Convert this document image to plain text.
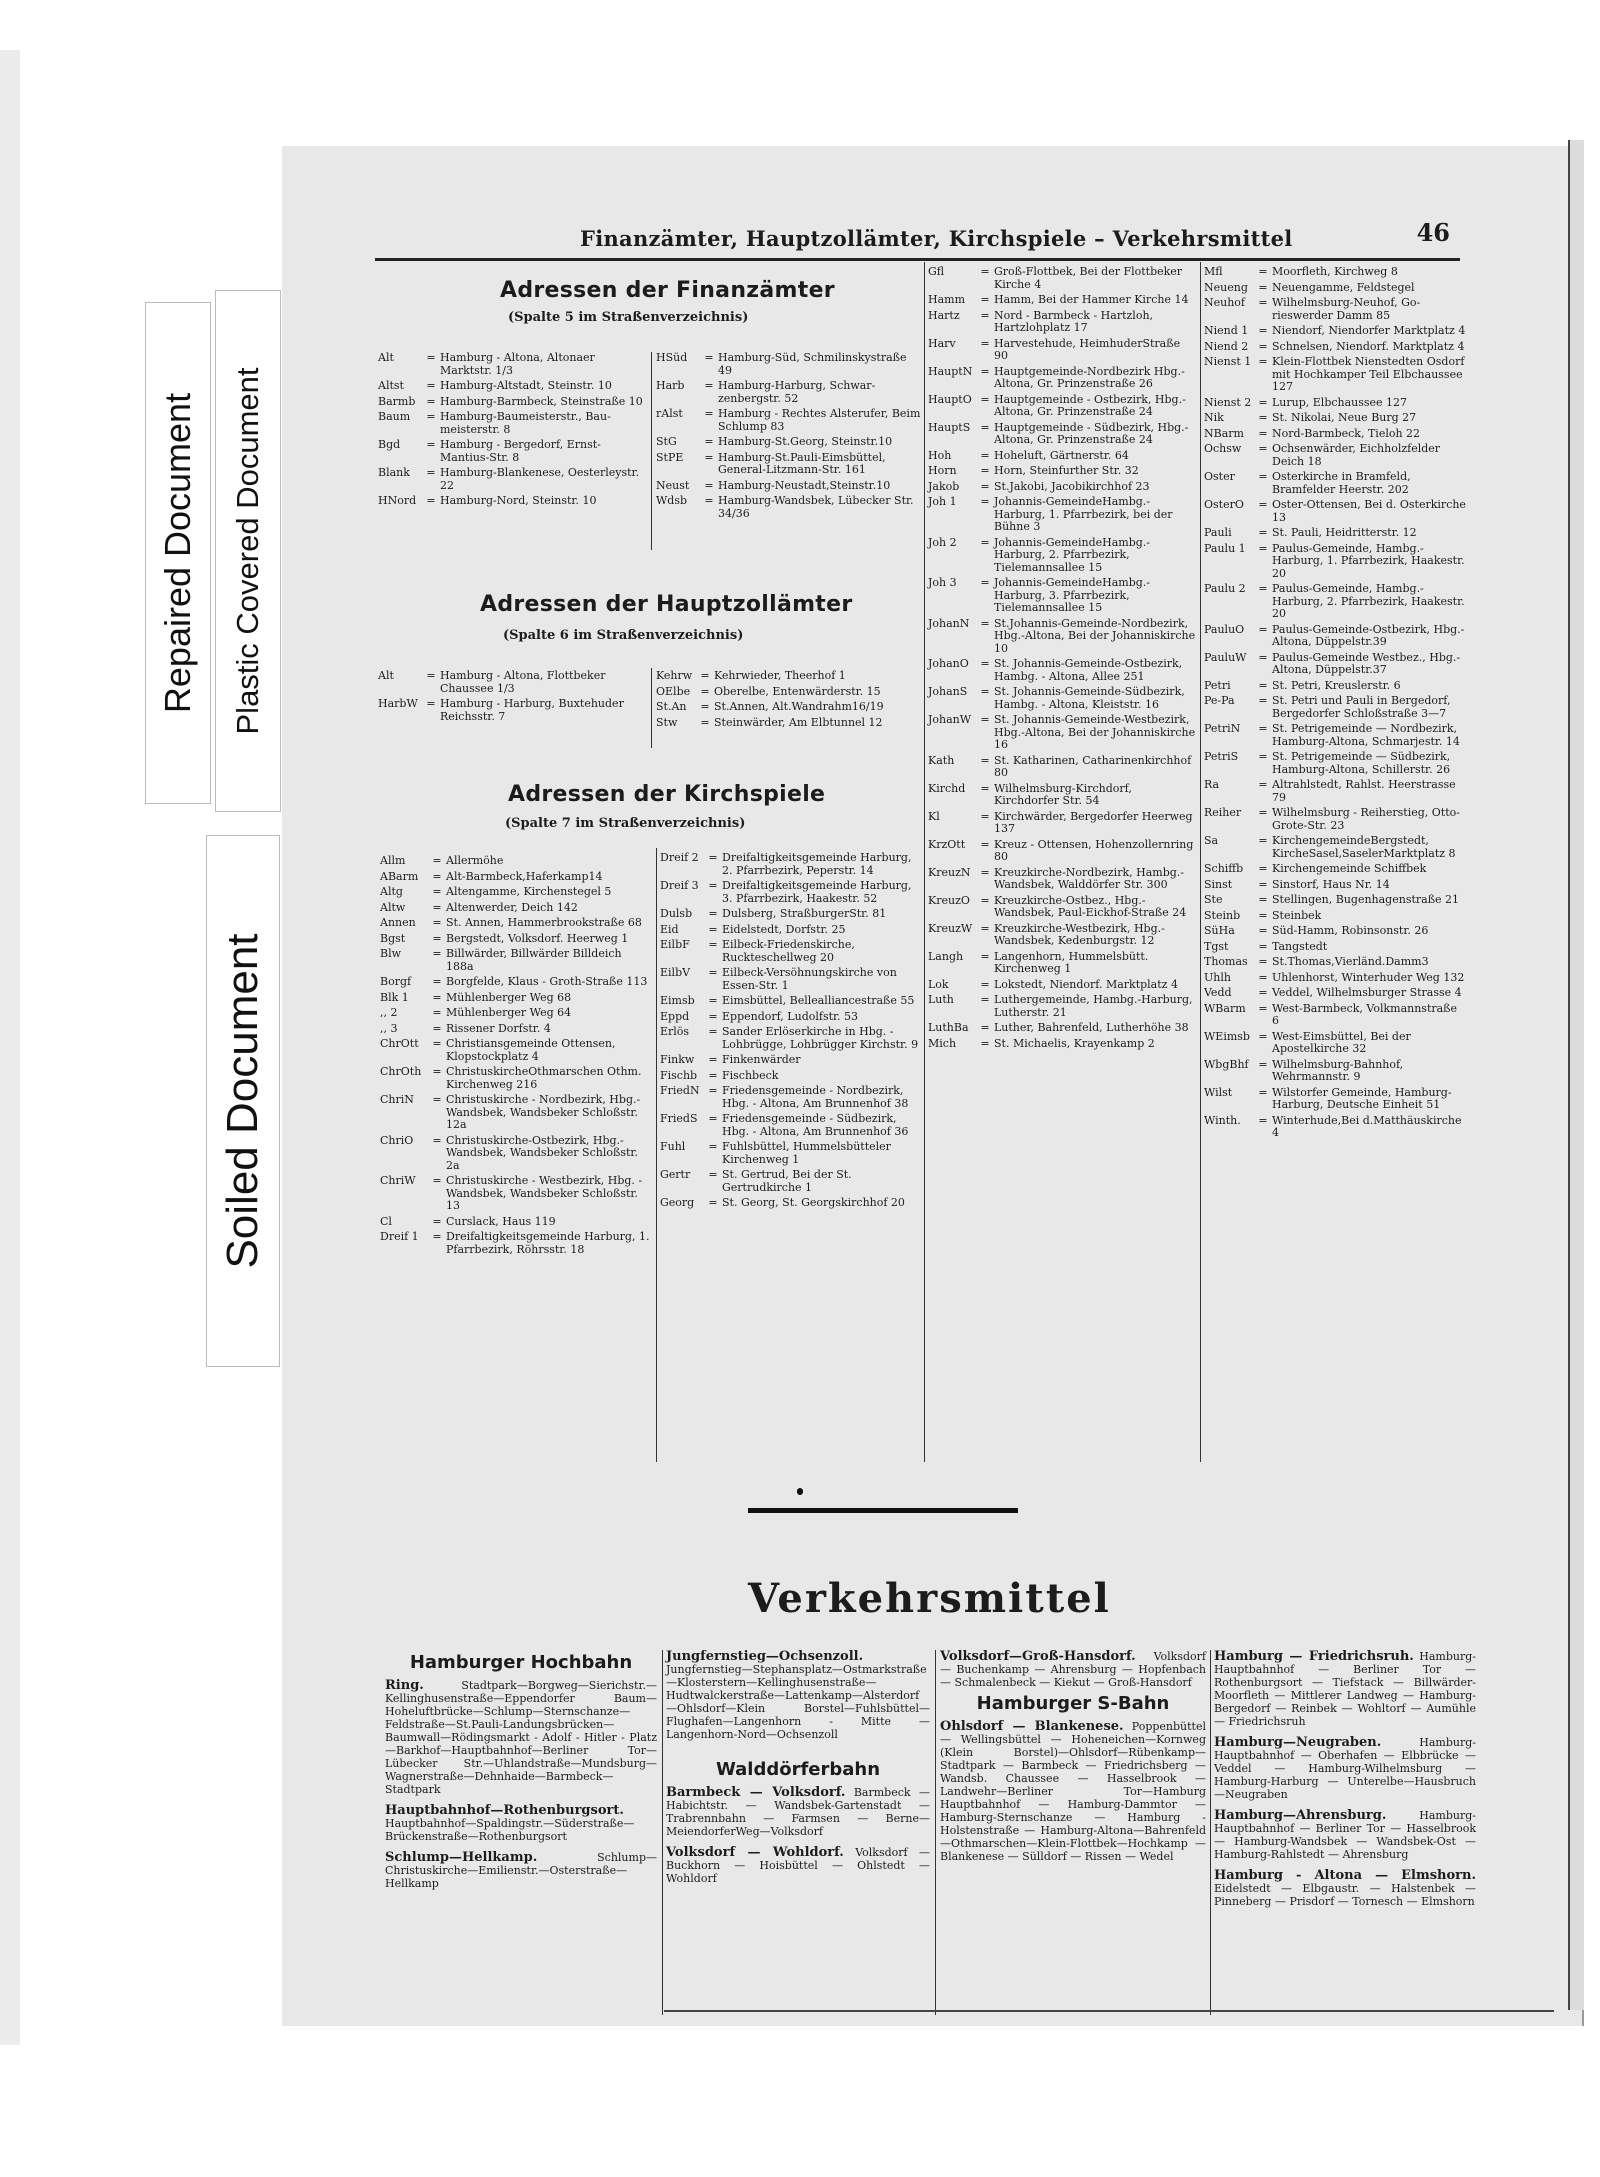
Repaired Document Plastic Covered Document
Soiled Document
Finanzämter, Hauptzollämter, Kirchspiele – Verkehrsmittel	46
Adressen der Finanzämter
(Spalte 5 im Straßenverzeichnis)
Alt	= Hamburg - Altona, Altonaer Marktstr. 1/3
Altst	= Hamburg-Altstadt, Steinstr. 10
Barmb	= Hamburg-Barmbeck, Steinstraße 10
Baum	= Hamburg-Baumeisterstr., Baumeisterstr. 8
Bgd	= Hamburg - Bergedorf, Ernst-Mantius-Str. 8
Blank	= Hamburg-Blankenese, Oesterleystr. 22
HNord = Hamburg-Nord, Steinstr. 10
HSüd	= Hamburg-Süd, Schmilinskystraße 49
Harb	= Hamburg-Harburg, Schwarzenbergstr. 52
rAlst	= Hamburg - Rechtes Alsterufer, Beim Schlump 83
StG	= Hamburg-St.Georg, Steinstr.10
StPE	= Hamburg-St.Pauli-Eimsbüttel, General-Litzmann-Str. 161
Neust	= Hamburg-Neustadt,Steinstr.10
Wdsb	= Hamburg-Wandsbek, Lübecker Str. 34/36
Adressen der Hauptzollämter
(Spalte 6 im Straßenverzeichnis)
Alt	= Hamburg - Altona, Flottbeker Chaussee 1/3
HarbW = Hamburg - Harburg, Buxtehuder Reichsstr. 7
Kehrw = Kehrwieder, Theerhof 1
OElbe = Oberelbe, Entenwärderstr. 15
St.An	= St.Annen, Alt.Wandrahm16/19
Stw	= Steinwärder, Am Elbtunnel 12
Adressen der Kirchspiele
(Spalte 7 im Straßenverzeichnis)
Allm	= Allermöhe
ABarm	= Alt-Barmbeck,Haferkamp14
Altg	= Altengamme, Kirchenstegel 5
Altw	= Altenwerder, Deich 142
Annen	= St. Annen, Hammerbrookstraße 68
Bgst	= Bergstedt, Volksdorf. Heerweg 1
Blw	= Billwärder, Billwärder Billdeich 188a
Borgf	= Borgfelde, Klaus - Groth-Straße 113
Blk 1	= Mühlenberger Weg 68
,, 2	= Mühlenberger Weg 64
,, 3	= Rissener Dorfstr. 4
ChrOtt	= Christiansgemeinde Ottensen, Klopstockplatz 4
ChrOth	= ChristuskircheOthmarschen Othm. Kirchenweg 216
ChriN	= Christuskirche - Nordbezirk, Hbg.-Wandsbek, Wandsbeker Schloßstr. 12a
ChriO	= Christuskirche-Ostbezirk, Hbg.-Wandsbek, Wandsbeker Schloßstr. 2a
ChriW	= Christuskirche - Westbezirk, Hbg. - Wandsbek, Wandsbeker Schloßstr. 13
Cl	= Curslack, Haus 119
Dreif 1	= Dreifaltigkeitsgemeinde Harburg, 1. Pfarrbezirk, Röhrsstr. 18
Dreif 2 = Dreifaltigkeitsgemeinde Harburg, 2. Pfarrbezirk, Peperstr. 14
Dreif 3 = Dreifaltigkeitsgemeinde Harburg, 3. Pfarrbezirk, Haakestr. 52
Dulsb	= Dulsberg, StraßburgerStr. 81
Eid	= Eidelstedt, Dorfstr. 25
EilbF	= Eilbeck-Friedenskirche, Ruckteschellweg 20
EilbV	= Eilbeck-Versöhnungskirche von Essen-Str. 1
Eimsb	= Eimsbüttel, Bellealliancestraße 55
Eppd	= Eppendorf, Ludolfstr. 53
Erlös	= Sander Erlöserkirche in Hbg. - Lohbrügge, Lohbrügger Kirchstr. 9
Finkw	= Finkenwärder
Fischb	= Fischbeck
FriedN = Friedensgemeinde - Nordbezirk, Hbg. - Altona, Am Brunnenhof 38
FriedS = Friedensgemeinde - Südbezirk, Hbg. - Altona, Am Brunnenhof 36
Fuhl	= Fuhlsbüttel, Hummelsbütteler Kirchenweg 1
Gertr	= St. Gertrud, Bei der St. Gertrudkirche 1
Georg	= St. Georg, St. Georgskirchhof 20
Gfl	= Groß-Flottbek, Bei der Flottbeker Kirche 4
Hamm	= Hamm, Bei der Hammer Kirche 14
Hartz	= Nord - Barmbeck - Hartzloh, Hartzlohplatz 17
Harv	= Harvestehude, HeimhuderStraße 90
HauptN = Hauptgemeinde-Nordbezirk Hbg.-Altona, Gr. Prinzenstraße 26
HauptO = Hauptgemeinde - Ostbezirk, Hbg.-Altona, Gr. Prinzenstraße 24
HauptS = Hauptgemeinde - Südbezirk, Hbg.-Altona, Gr. Prinzenstraße 24
Hoh	= Hoheluft, Gärtnerstr. 64
Horn	= Horn, Steinfurther Str. 32
Jakob	= St.Jakobi, Jacobikirchhof 23
Joh 1	= Johannis-GemeindeHambg.-Harburg, 1. Pfarrbezirk, bei der Bühne 3
Joh 2	= Johannis-GemeindeHambg.-Harburg, 2. Pfarrbezirk, Tielemannsallee 15
Joh 3	= Johannis-GemeindeHambg.-Harburg, 3. Pfarrbezirk, Tielemannsallee 15
JohanN	= St.Johannis-Gemeinde-Nordbezirk, Hbg.-Altona, Bei der Johanniskirche 10
JohanO	= St. Johannis-Gemeinde-Ostbezirk, Hambg. - Altona, Allee 251
JohanS	= St. Johannis-Gemeinde-Südbezirk, Hambg. - Altona, Kleiststr. 16
JohanW = St. Johannis-Gemeinde-Westbezirk, Hbg.-Altona, Bei der Johanniskirche 16
Kath	= St. Katharinen, Catharinenkirchhof 80
Kirchd	= Wilhelmsburg-Kirchdorf, Kirchdorfer Str. 54
Kl	= Kirchwärder, Bergedorfer Heerweg 137
KrzOtt	= Kreuz - Ottensen, Hohenzollernring 80
KreuzN = Kreuzkirche-Nordbezirk, Hambg.-Wandsbek, Walddörfer Str. 300
KreuzO = Kreuzkirche-Ostbez., Hbg.-Wandsbek, Paul-Eickhof-Straße 24
KreuzW = Kreuzkirche-Westbezirk, Hbg.-Wandsbek, Kedenburgstr. 12
Langh	= Langenhorn, Hummelsbütt. Kirchenweg 1
Lok	= Lokstedt, Niendorf. Marktplatz 4
Luth	= Luthergemeinde, Hambg.-Harburg, Lutherstr. 21
LuthBa	= Luther, Bahrenfeld, Lutherhöhe 38
Mich	= St. Michaelis, Krayenkamp 2
Mfl	= Moorfleth, Kirchweg 8
Neueng = Neuengamme, Feldstegel
Neuhof	= Wilhelmsburg-Neuhof, Gorieswerder Damm 85
Niend 1 = Niendorf, Niendorfer Marktplatz 4
Niend 2 = Schnelsen, Niendorf. Marktplatz 4
Nienst 1 = Klein-Flottbek Nienstedten Osdorf mit Hochkamper Teil Elbchaussee 127
Nienst 2 = Lurup, Elbchaussee 127
Nik	= St. Nikolai, Neue Burg 27
NBarm	= Nord-Barmbeck, Tieloh 22
Ochsw	= Ochsenwärder, Eichholzfelder Deich 18
Oster	= Osterkirche in Bramfeld, Bramfelder Heerstr. 202
OsterO	= Oster-Ottensen, Bei d. Osterkirche 13
Pauli	= St. Pauli, Heidritterstr. 12
Paulu 1	= Paulus-Gemeinde, Hambg.-Harburg, 1. Pfarrbezirk, Haakestr. 20
Paulu 2	= Paulus-Gemeinde, Hambg.-Harburg, 2. Pfarrbezirk, Haakestr. 20
PauluO	= Paulus-Gemeinde-Ostbezirk, Hbg.-Altona, Düppelstr.39
PauluW	= Paulus-Gemeinde Westbez., Hbg.-Altona, Düppelstr.37
Petri	= St. Petri, Kreuslerstr. 6
Pe-Pa	= St. Petri und Pauli in Bergedorf, Bergedorfer Schloßstraße 3—7
PetriN	= St. Petrigemeinde — Nordbezirk, Hamburg-Altona, Schmarjestr. 14
PetriS	= St. Petrigemeinde — Südbezirk, Hamburg-Altona, Schillerstr. 26
Ra	= Altrahlstedt, Rahlst. Heerstrasse 79
Reiher	= Wilhelmsburg - Reiherstieg, Otto-Grote-Str. 23
Sa	= KirchengemeindeBergstedt, KircheSasel,SaselerMarktplatz 8
Schiffb	= Kirchengemeinde Schiffbek
Sinst	= Sinstorf, Haus Nr. 14
Ste	= Stellingen, Bugenhagenstraße 21
Steinb	= Steinbek
SüHa	= Süd-Hamm, Robinsonstr. 26
Tgst	= Tangstedt
Thomas = St.Thomas,Vierländ.Damm3
Uhlh	= Uhlenhorst, Winterhuder Weg 132
Vedd	= Veddel, Wilhelmsburger Strasse 4
WBarm	= West-Barmbeck, Volkmannstraße 6
WEimsb = West-Eimsbüttel, Bei der Apostelkirche 32
WbgBhf = Wilhelmsburg-Bahnhof, Wehrmannstr. 9
Wilst	= Wilstorfer Gemeinde, Hamburg-Harburg, Deutsche Einheit 51
Winth.	= Winterhude,Bei d.Matthäuskirche 4
Verkehrsmittel
Hamburger Hochbahn
Ring. Stadtpark—Borgweg—Sierichstr.—Kellinghusenstraße—Eppendorfer Baum—Hoheluftbrücke—Schlump—Sternschanze—Feldstraße—St.Pauli-Landungsbrücken—Baumwall—Rödingsmarkt - Adolf - Hitler - Platz—Barkhof—Hauptbahnhof—Berliner Tor—Lübecker Str.—Uhlandstraße—Mundsburg—Wagnerstraße—Dehnhaide—Barmbeck—Stadtpark
Hauptbahnhof—Rothenburgsort. Hauptbahnhof—Spaldingstr.—Süderstraße—Brückenstraße—Rothenburgsort
Schlump—Hellkamp. Schlump—Christuskirche—Emilienstr.—Osterstraße—Hellkamp
Jungfernstieg—Ochsenzoll. Jungfernstieg—Stephansplatz—Ostmarkstraße—Klosterstern—Kellinghusenstraße—Hudtwalckerstraße—Lattenkamp—Alsterdorf—Ohlsdorf—Klein Borstel—Fuhlsbüttel—Flughafen—Langenhorn - Mitte — Langenhorn-Nord—Ochsenzoll
Walddörferbahn
Barmbeck — Volksdorf. Barmbeck — Habichtstr. — Wandsbek-Gartenstadt — Trabrennbahn — Farmsen — Berne—MeiendorferWeg—Volksdorf
Volksdorf — Wohldorf. Volksdorf — Buckhorn — Hoisbüttel — Ohlstedt — Wohldorf
Volksdorf—Groß-Hansdorf. Volksdorf — Buchenkamp — Ahrensburg — Hopfenbach — Schmalenbeck — Kiekut — Groß-Hansdorf
Hamburger S-Bahn
Ohlsdorf — Blankenese. Poppenbüttel — Wellingsbüttel — Hoheneichen—Kornweg (Klein Borstel)—Ohlsdorf—Rübenkamp—Stadtpark — Barmbeck — Friedrichsberg — Wandsb. Chaussee — Hasselbrook — Landwehr—Berliner Tor—Hamburg Hauptbahnhof — Hamburg-Dammtor — Hamburg-Sternschanze — Hamburg - Holstenstraße — Hamburg-Altona—Bahrenfeld—Othmarschen—Klein-Flottbek—Hochkamp — Blankenese — Sülldorf — Rissen — Wedel
Hamburg — Friedrichsruh. Hamburg-Hauptbahnhof — Berliner Tor — Rothenburgsort — Tiefstack — Billwärder-Moorfleth — Mittlerer Landweg — Hamburg-Bergedorf — Reinbek — Wohltorf — Aumühle — Friedrichsruh
Hamburg—Neugraben. Hamburg-Hauptbahnhof — Oberhafen — Elbbrücke — Veddel — Hamburg-Wilhelmsburg — Hamburg-Harburg — Unterelbe—Hausbruch—Neugraben
Hamburg—Ahrensburg. Hamburg-Hauptbahnhof — Berliner Tor — Hasselbrook — Hamburg-Wandsbek — Wandsbek-Ost — Hamburg-Rahlstedt — Ahrensburg
Hamburg - Altona — Elmshorn. Eidelstedt — Elbgaustr. — Halstenbek — Pinneberg — Prisdorf — Tornesch — Elmshorn
